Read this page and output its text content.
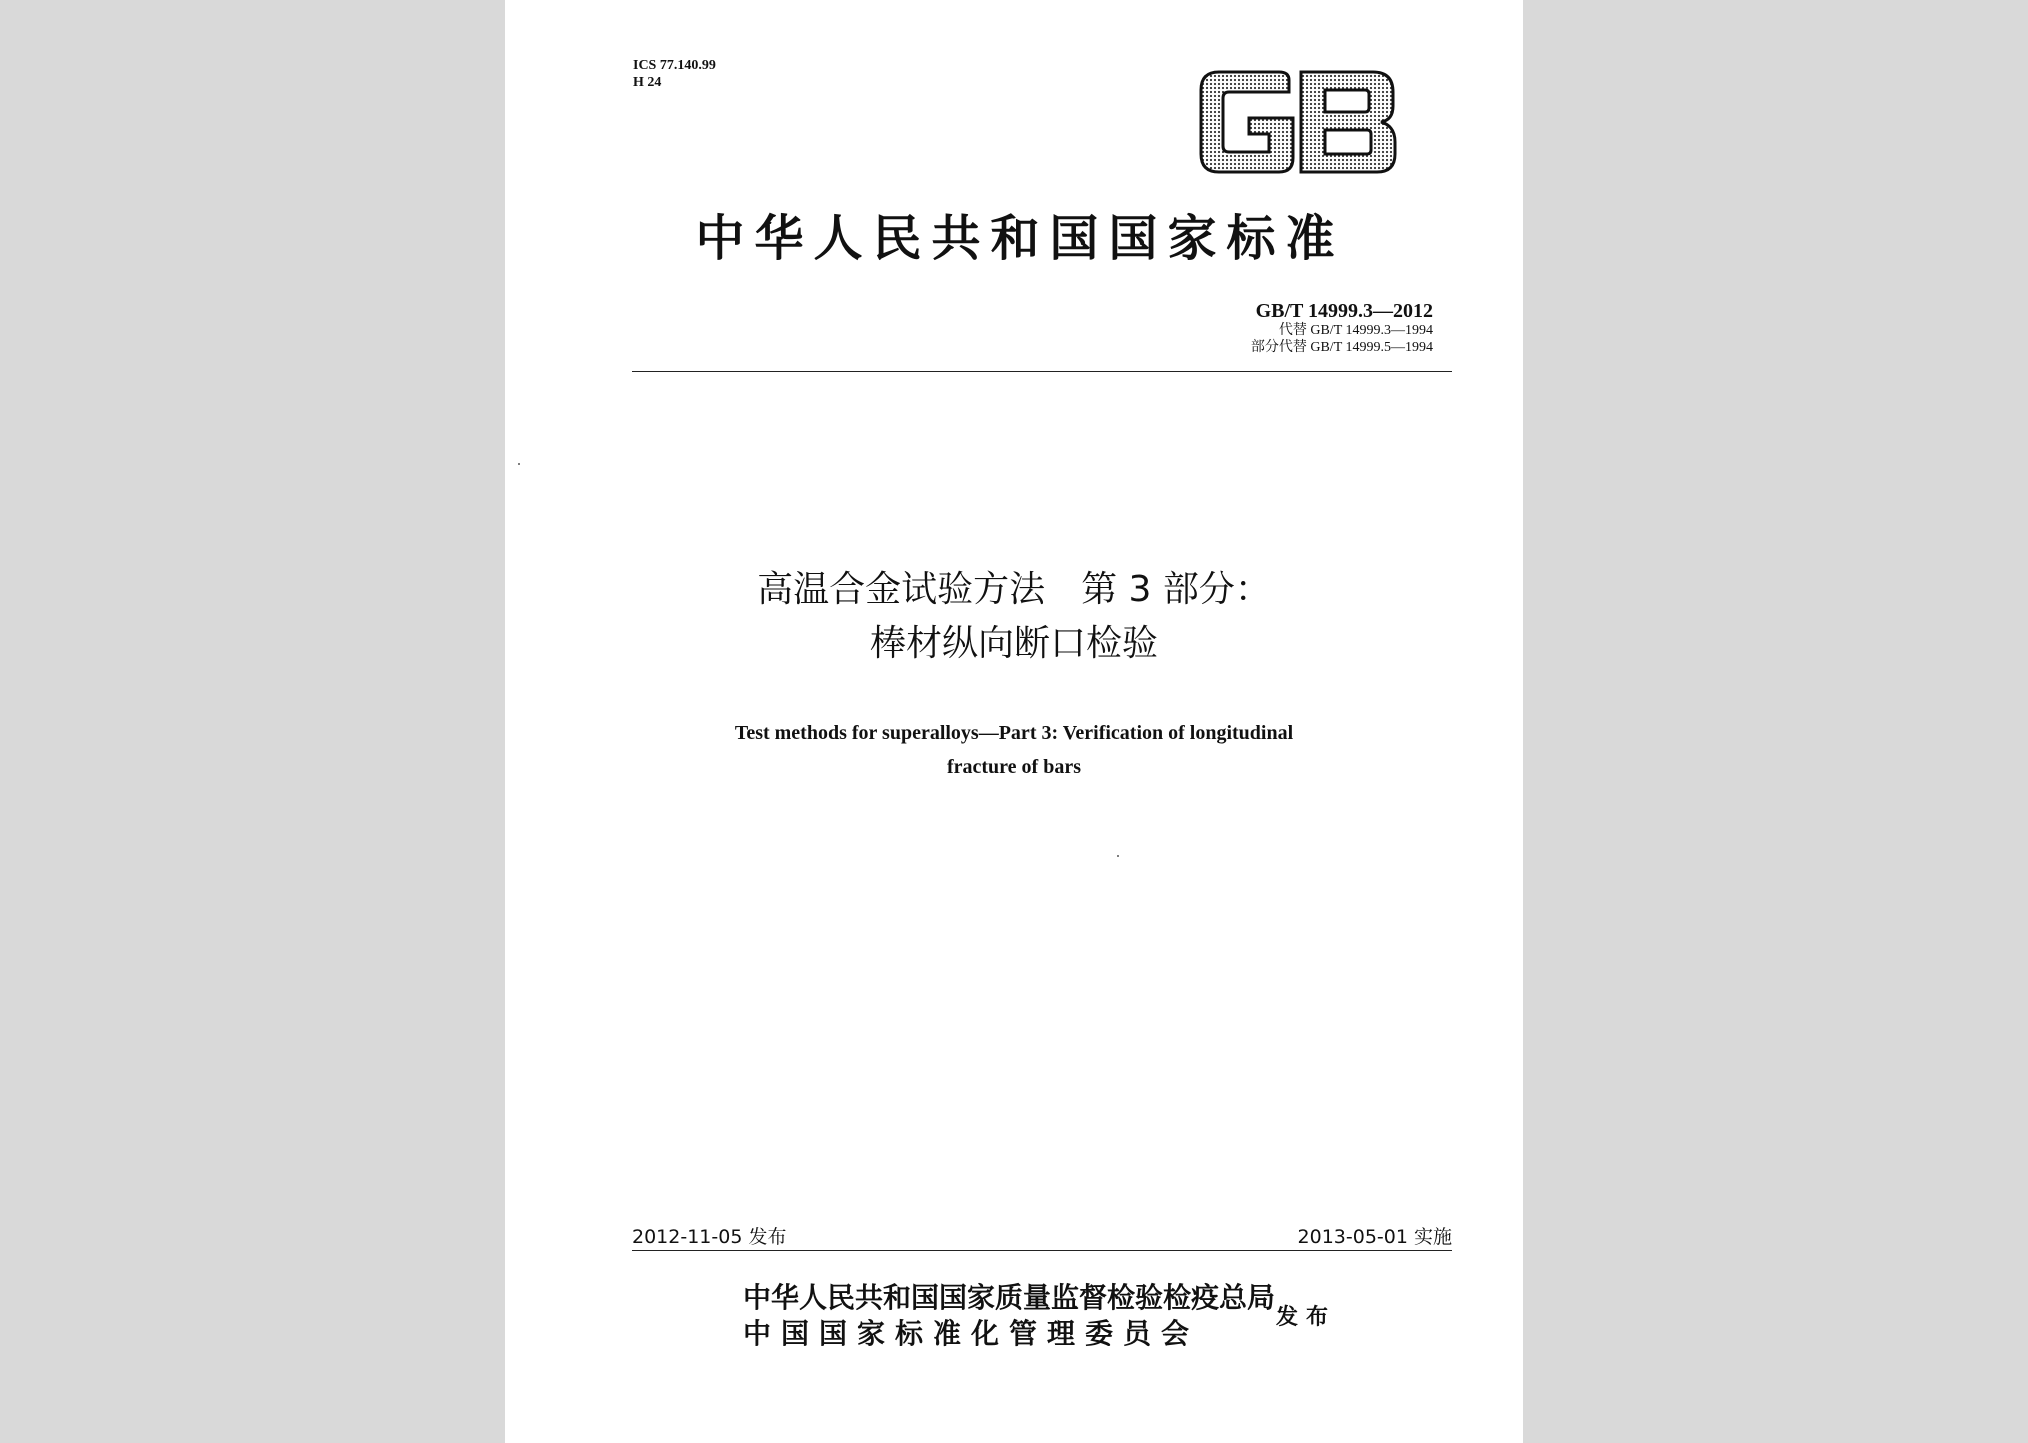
ICS 77.140.99
H 24
中华人民共和国国家标准
GB/T 14999.3—2012
代替 GB/T 14999.3—1994
部分代替 GB/T 14999.5—1994
高温合金试验方法　第 3 部分：
棒材纵向断口检验
Test methods for superalloys—Part 3: Verification of longitudinal
fracture of bars
2012-11-05 发布	2013-05-01 实施
中华人民共和国国家质量监督检验检疫总局
中国国家标准化管理委员会	发布
